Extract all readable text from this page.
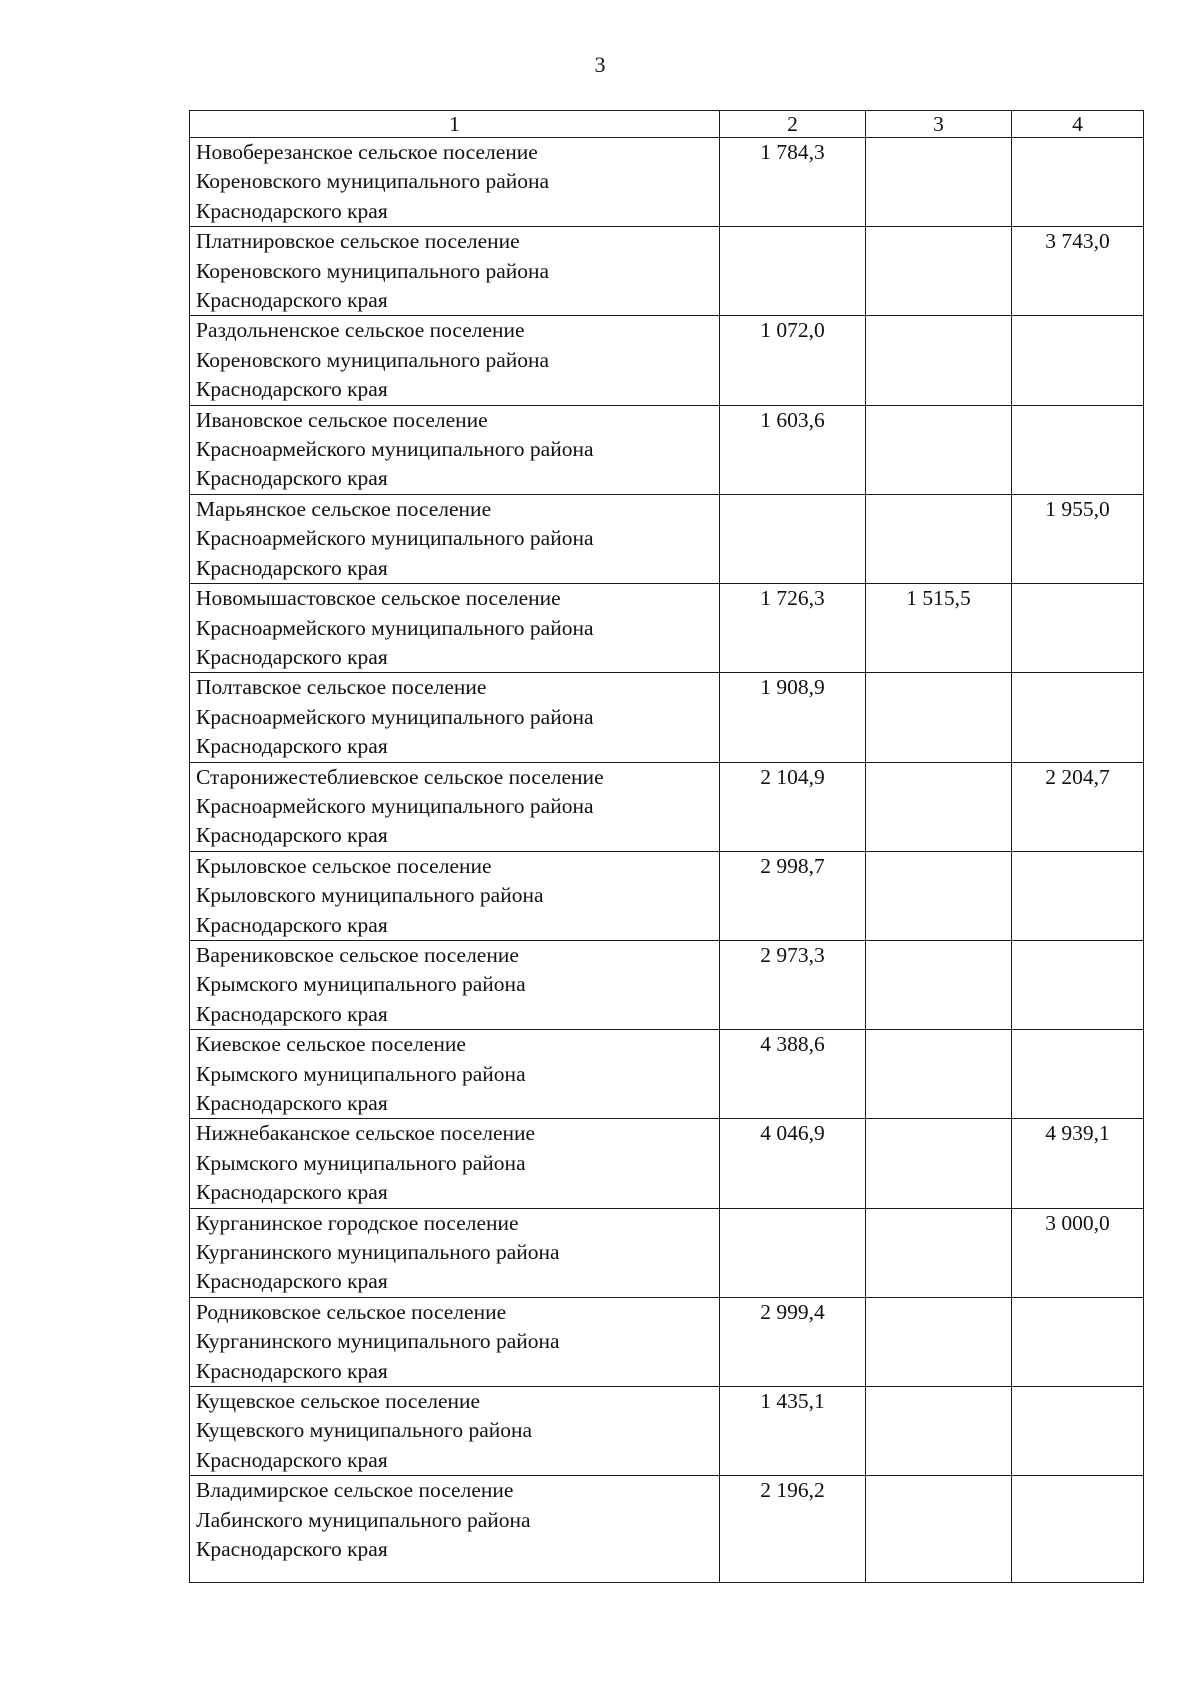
3
1	2	3	4

Новоберезанское сельское поселение
Кореновского муниципального района
Краснодарского края	1 784,3		

Платнировское сельское поселение
Кореновского муниципального района
Краснодарского края			3 743,0

Раздольненское сельское поселение
Кореновского муниципального района
Краснодарского края	1 072,0		

Ивановское сельское поселение
Красноармейского муниципального района
Краснодарского края	1 603,6		

Марьянское сельское поселение
Красноармейского муниципального района
Краснодарского края			1 955,0

Новомышастовское сельское поселение
Красноармейского муниципального района
Краснодарского края	1 726,3	1 515,5	

Полтавское сельское поселение
Красноармейского муниципального района
Краснодарского края	1 908,9		

Старонижестеблиевское сельское поселение
Красноармейского муниципального района
Краснодарского края	2 104,9		2 204,7

Крыловское сельское поселение
Крыловского муниципального района
Краснодарского края	2 998,7		

Вареникoвское сельское поселение
Крымского муниципального района
Краснодарского края	2 973,3		

Киевское сельское поселение
Крымского муниципального района
Краснодарского края	4 388,6		

Нижнебаканское сельское поселение
Крымского муниципального района
Краснодарского края	4 046,9		4 939,1

Курганинское городское поселение
Курганинского муниципального района
Краснодарского края			3 000,0

Родниковское сельское поселение
Курганинского муниципального района
Краснодарского края	2 999,4		

Кущевское сельское поселение
Кущевского муниципального района
Краснодарского края	1 435,1		

Владимирское сельское поселение
Лабинского муниципального района
Краснодарского края	2 196,2		
